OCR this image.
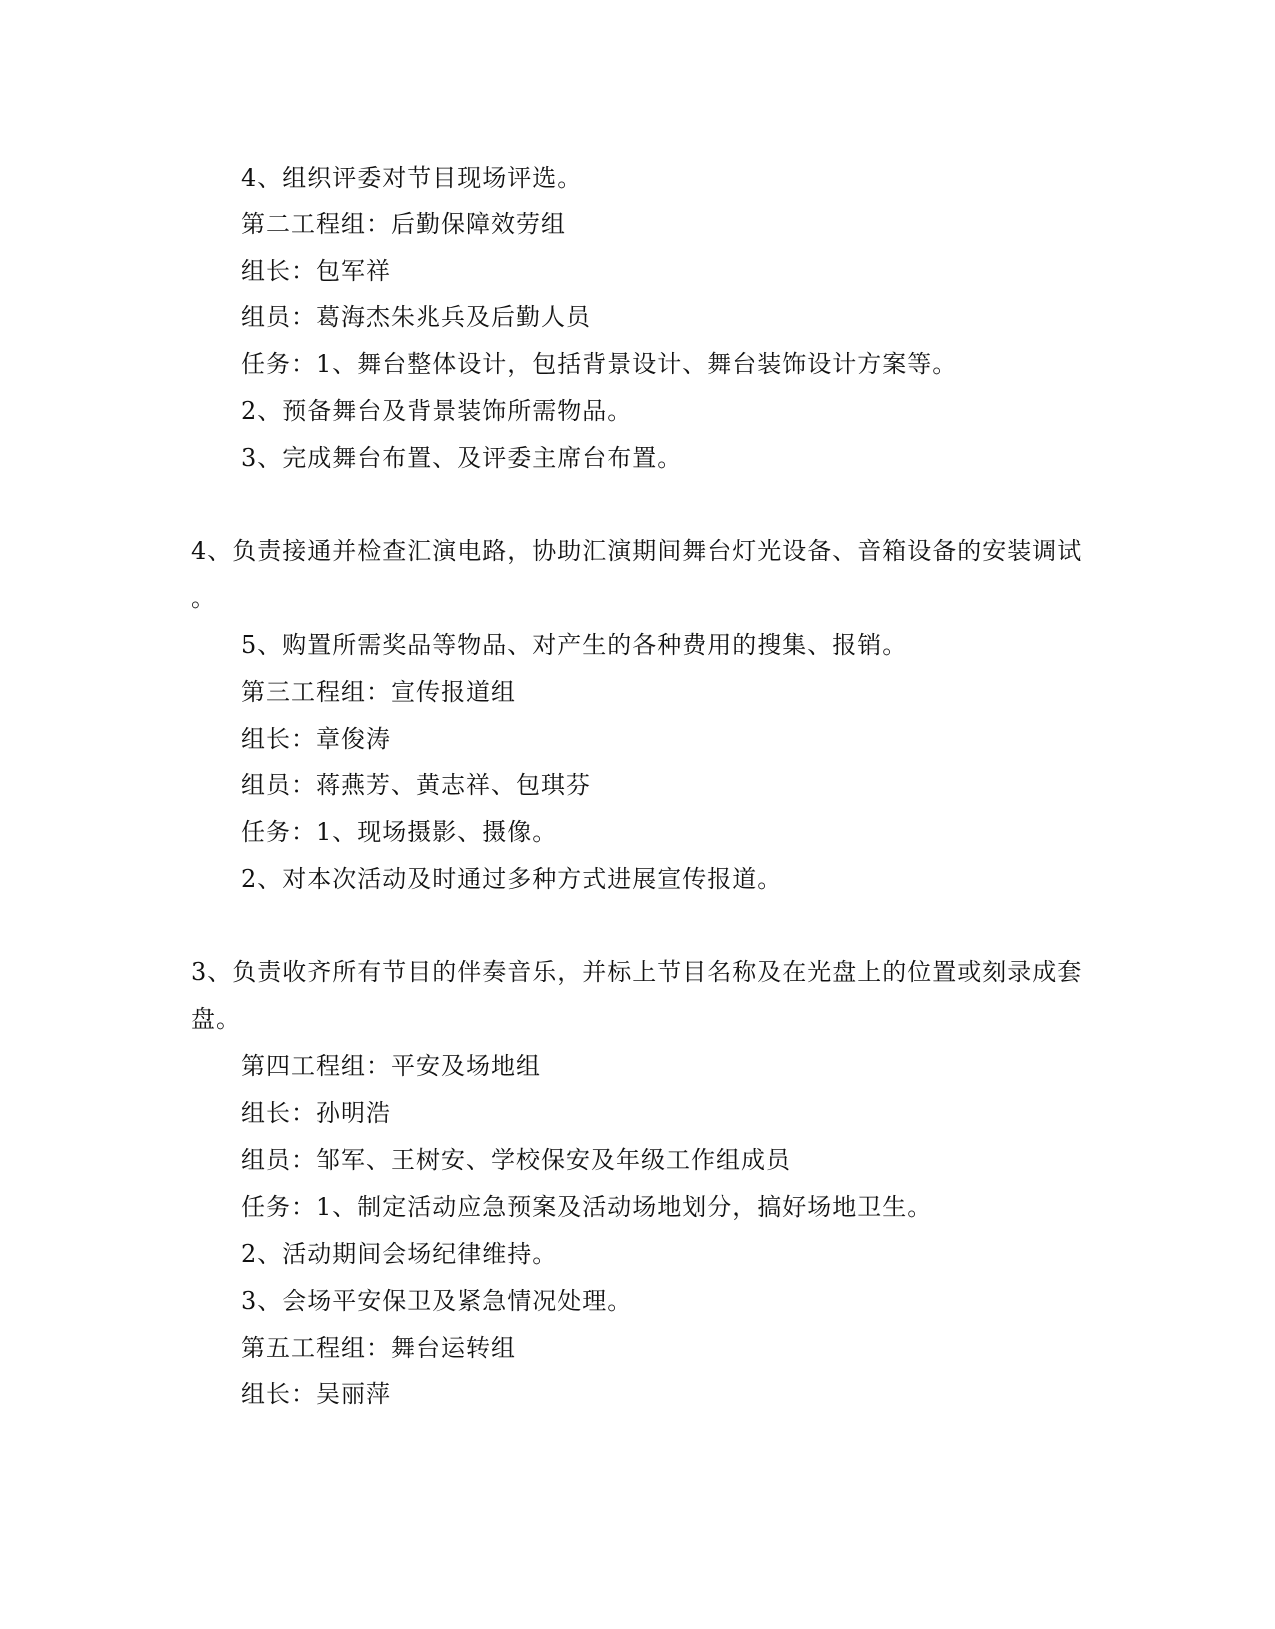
4、组织评委对节目现场评选。
第二工程组：后勤保障效劳组
组长：包军祥
组员：葛海杰朱兆兵及后勤人员
任务：1、舞台整体设计，包括背景设计、舞台装饰设计方案等。
2、预备舞台及背景装饰所需物品。
3、完成舞台布置、及评委主席台布置。
4、负责接通并检查汇演电路，协助汇演期间舞台灯光设备、音箱设备的安装调试
。
5、购置所需奖品等物品、对产生的各种费用的搜集、报销。
第三工程组：宣传报道组
组长：章俊涛
组员：蒋燕芳、黄志祥、包琪芬
任务：1、现场摄影、摄像。
2、对本次活动及时通过多种方式进展宣传报道。
3、负责收齐所有节目的伴奏音乐，并标上节目名称及在光盘上的位置或刻录成套
盘。
第四工程组：平安及场地组
组长：孙明浩
组员：邹军、王树安、学校保安及年级工作组成员
任务：1、制定活动应急预案及活动场地划分，搞好场地卫生。
2、活动期间会场纪律维持。
3、会场平安保卫及紧急情况处理。
第五工程组：舞台运转组
组长：吴丽萍
